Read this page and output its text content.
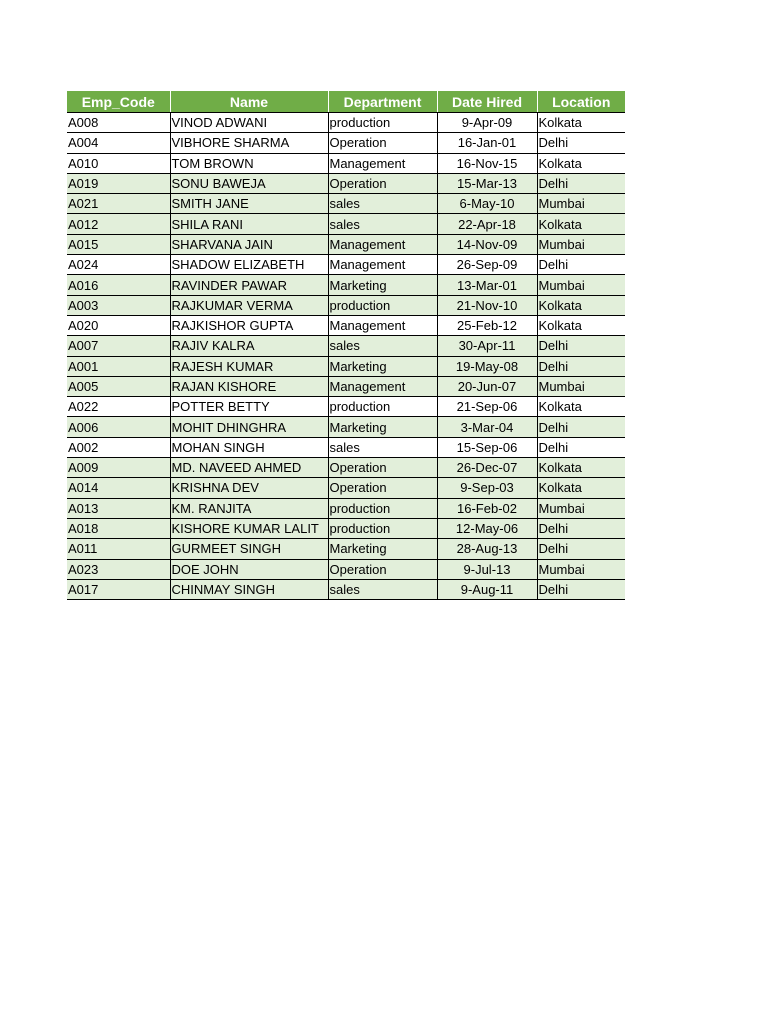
Emp_Code	Name	Department	Date Hired	Location
A008	VINOD ADWANI	production	9-Apr-09	Kolkata
A004	VIBHORE SHARMA	Operation	16-Jan-01	Delhi
A010	TOM BROWN	Management	16-Nov-15	Kolkata
A019	SONU BAWEJA	Operation	15-Mar-13	Delhi
A021	SMITH JANE	sales	6-May-10	Mumbai
A012	SHILA RANI	sales	22-Apr-18	Kolkata
A015	SHARVANA JAIN	Management	14-Nov-09	Mumbai
A024	SHADOW ELIZABETH	Management	26-Sep-09	Delhi
A016	RAVINDER PAWAR	Marketing	13-Mar-01	Mumbai
A003	RAJKUMAR VERMA	production	21-Nov-10	Kolkata
A020	RAJKISHOR GUPTA	Management	25-Feb-12	Kolkata
A007	RAJIV KALRA	sales	30-Apr-11	Delhi
A001	RAJESH KUMAR	Marketing	19-May-08	Delhi
A005	RAJAN KISHORE	Management	20-Jun-07	Mumbai
A022	POTTER BETTY	production	21-Sep-06	Kolkata
A006	MOHIT DHINGHRA	Marketing	3-Mar-04	Delhi
A002	MOHAN SINGH	sales	15-Sep-06	Delhi
A009	MD. NAVEED AHMED	Operation	26-Dec-07	Kolkata
A014	KRISHNA DEV	Operation	9-Sep-03	Kolkata
A013	KM. RANJITA	production	16-Feb-02	Mumbai
A018	KISHORE KUMAR LALIT	production	12-May-06	Delhi
A011	GURMEET SINGH	Marketing	28-Aug-13	Delhi
A023	DOE JOHN	Operation	9-Jul-13	Mumbai
A017	CHINMAY SINGH	sales	9-Aug-11	Delhi
